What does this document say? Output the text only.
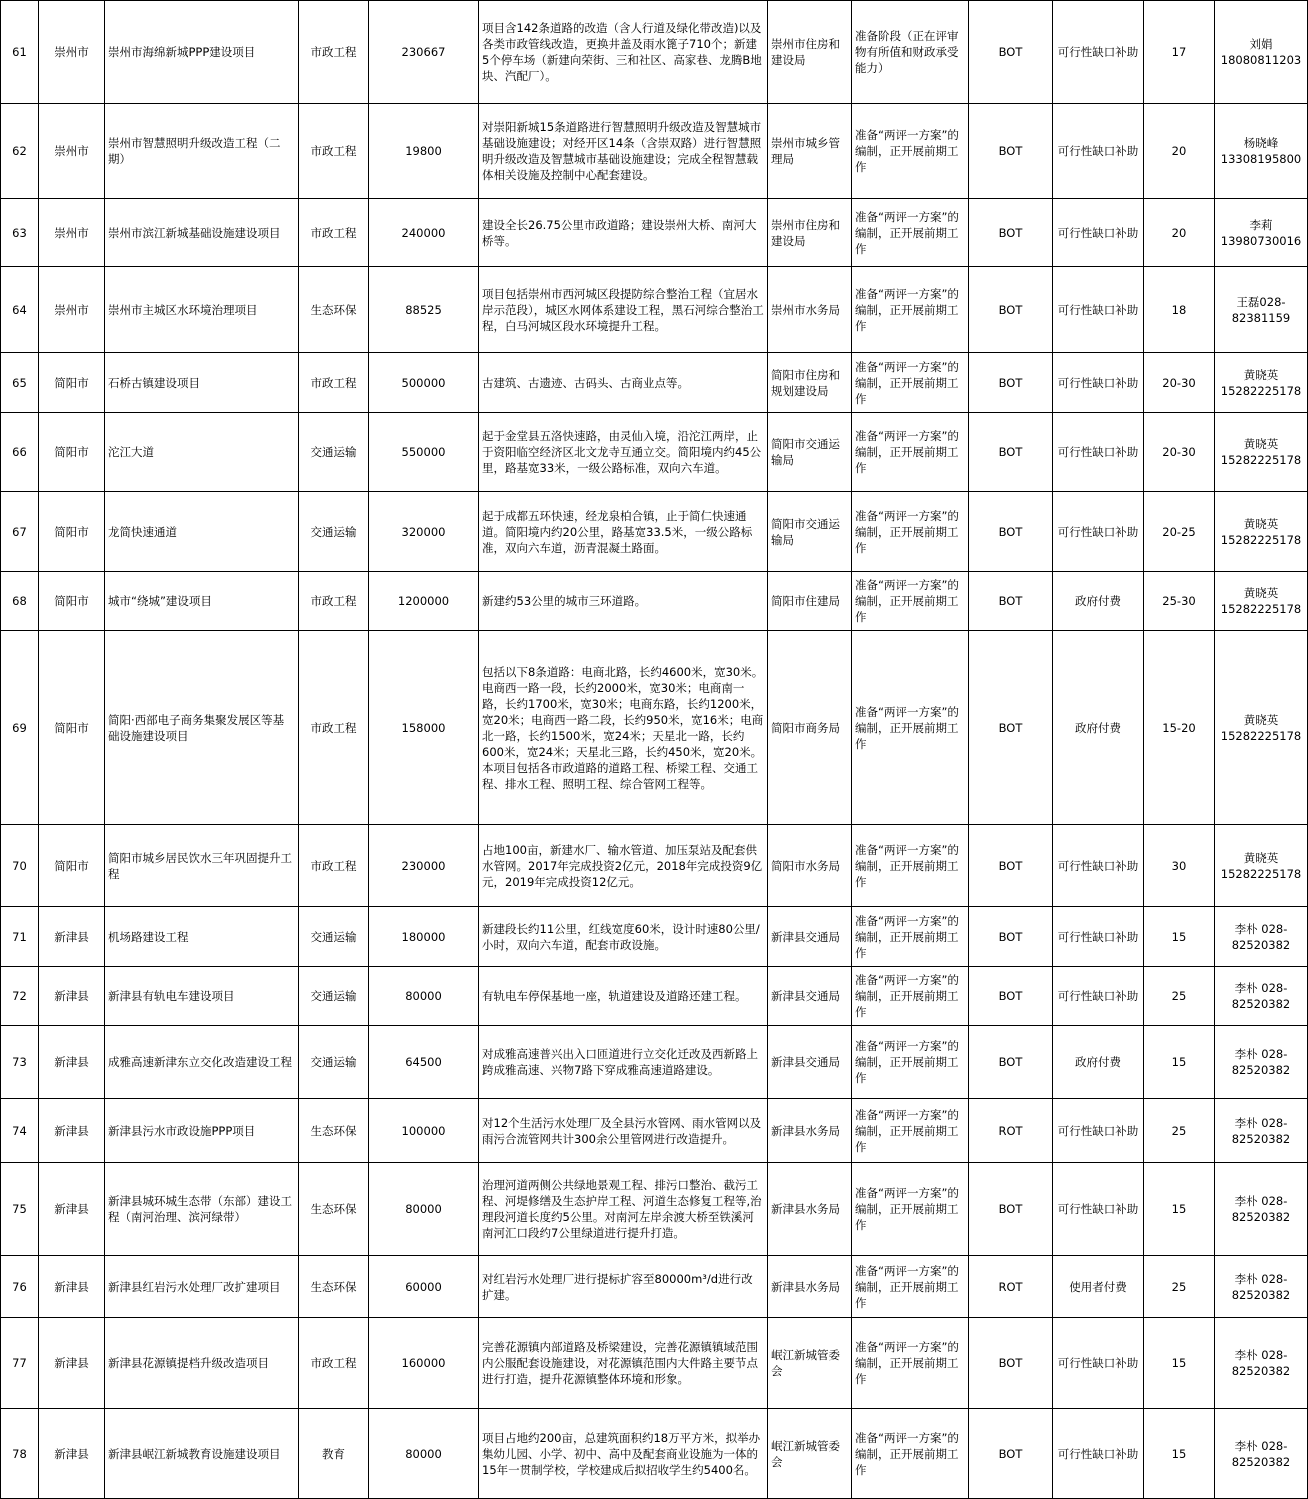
61	崇州市	崇州市海绵新城PPP建设项目	市政工程	230667	项目含142条道路的改造（含人行道及绿化带改造)以及各类市政管线改造，更换井盖及雨水篦子710个；新建5个停车场（新建向荣街、三和社区、高家巷、龙腾B地块、汽配厂）。	崇州市住房和建设局	准备阶段（正在评审物有所值和财政承受能力）	BOT	可行性缺口补助	17	刘娟 18080811203
62	崇州市	崇州市智慧照明升级改造工程（二期）	市政工程	19800	对崇阳新城15条道路进行智慧照明升级改造及智慧城市基础设施建设；对经开区14条（含崇双路）进行智慧照明升级改造及智慧城市基础设施建设；完成全程智慧载体相关设施及控制中心配套建设。	崇州市城乡管理局	准备“两评一方案”的编制，正开展前期工作	BOT	可行性缺口补助	20	杨晓峰 13308195800
63	崇州市	崇州市滨江新城基础设施建设项目	市政工程	240000	建设全长26.75公里市政道路；建设崇州大桥、南河大桥等。	崇州市住房和建设局	准备“两评一方案”的编制，正开展前期工作	BOT	可行性缺口补助	20	李莉 13980730016
64	崇州市	崇州市主城区水环境治理项目	生态环保	88525	项目包括崇州市西河城区段提防综合整治工程（宜居水岸示范段），城区水网体系建设工程，黑石河综合整治工程，白马河城区段水环境提升工程。	崇州市水务局	准备“两评一方案”的编制，正开展前期工作	BOT	可行性缺口补助	18	王磊028-82381159
65	简阳市	石桥古镇建设项目	市政工程	500000	古建筑、古遗迹、古码头、古商业点等。	简阳市住房和规划建设局	准备“两评一方案”的编制，正开展前期工作	BOT	可行性缺口补助	20-30	黄晓英 15282225178
66	简阳市	沱江大道	交通运输	550000	起于金堂县五洛快速路，由灵仙入境，沿沱江两岸，止于资阳临空经济区北文龙寺互通立交。简阳境内约45公里，路基宽33米，一级公路标准，双向六车道。	简阳市交通运输局	准备“两评一方案”的编制，正开展前期工作	BOT	可行性缺口补助	20-30	黄晓英 15282225178
67	简阳市	龙简快速通道	交通运输	320000	起于成都五环快速，经龙泉柏合镇，止于简仁快速通道。简阳境内约20公里，路基宽33.5米，一级公路标准，双向六车道，沥青混凝土路面。	简阳市交通运输局	准备“两评一方案”的编制，正开展前期工作	BOT	可行性缺口补助	20-25	黄晓英 15282225178
68	简阳市	城市“绕城”建设项目	市政工程	1200000	新建约53公里的城市三环道路。	简阳市住建局	准备“两评一方案”的编制，正开展前期工作	BOT	政府付费	25-30	黄晓英 15282225178
69	简阳市	简阳·西部电子商务集聚发展区等基础设施建设项目	市政工程	158000	包括以下8条道路：电商北路，长约4600米，宽30米。电商西一路一段，长约2000米，宽30米；电商南一路，长约1700米，宽30米；电商东路，长约1200米，宽20米；电商西一路二段，长约950米，宽16米；电商北一路，长约1500米，宽24米；天星北一路，长约600米，宽24米；天星北三路，长约450米，宽20米。本项目包括各市政道路的道路工程、桥梁工程、交通工程、排水工程、照明工程、综合管网工程等。	简阳市商务局	准备“两评一方案”的编制，正开展前期工作	BOT	政府付费	15-20	黄晓英 15282225178
70	简阳市	简阳市城乡居民饮水三年巩固提升工程	市政工程	230000	占地100亩，新建水厂、输水管道、加压泵站及配套供水管网。2017年完成投资2亿元，2018年完成投资9亿元，2019年完成投资12亿元。	简阳市水务局	准备“两评一方案”的编制，正开展前期工作	BOT	可行性缺口补助	30	黄晓英 15282225178
71	新津县	机场路建设工程	交通运输	180000	新建段长约11公里，红线宽度60米，设计时速80公里/小时，双向六车道，配套市政设施。	新津县交通局	准备“两评一方案”的编制，正开展前期工作	BOT	可行性缺口补助	15	李朴 028-82520382
72	新津县	新津县有轨电车建设项目	交通运输	80000	有轨电车停保基地一座，轨道建设及道路还建工程。	新津县交通局	准备“两评一方案”的编制，正开展前期工作	BOT	可行性缺口补助	25	李朴 028-82520382
73	新津县	成雅高速新津东立交化改造建设工程	交通运输	64500	对成雅高速普兴出入口匝道进行立交化迁改及西新路上跨成雅高速、兴物7路下穿成雅高速道路建设。	新津县交通局	准备“两评一方案”的编制，正开展前期工作	BOT	政府付费	15	李朴 028-82520382
74	新津县	新津县污水市政设施PPP项目	生态环保	100000	对12个生活污水处理厂及全县污水管网、雨水管网以及雨污合流管网共计300余公里管网进行改造提升。	新津县水务局	准备“两评一方案”的编制，正开展前期工作	ROT	可行性缺口补助	25	李朴 028-82520382
75	新津县	新津县城环城生态带（东部）建设工程（南河治理、滨河绿带）	生态环保	80000	治理河道两侧公共绿地景观工程、排污口整治、截污工程、河堤修缮及生态护岸工程、河道生态修复工程等,治理段河道长度约5公里。对南河左岸余渡大桥至铁溪河南河汇口段约7公里绿道进行提升打造。	新津县水务局	准备“两评一方案”的编制，正开展前期工作	BOT	可行性缺口补助	15	李朴 028-82520382
76	新津县	新津县红岩污水处理厂改扩建项目	生态环保	60000	对红岩污水处理厂进行提标扩容至80000m³/d进行改扩建。	新津县水务局	准备“两评一方案”的编制，正开展前期工作	ROT	使用者付费	25	李朴 028-82520382
77	新津县	新津县花源镇提档升级改造项目	市政工程	160000	完善花源镇内部道路及桥梁建设，完善花源镇镇域范围内公服配套设施建设，对花源镇范围内大件路主要节点进行打造，提升花源镇整体环境和形象。	岷江新城管委会	准备“两评一方案”的编制，正开展前期工作	BOT	可行性缺口补助	15	李朴 028-82520382
78	新津县	新津县岷江新城教育设施建设项目	教育	80000	项目占地约200亩，总建筑面积约18万平方米，拟举办集幼儿园、小学、初中、高中及配套商业设施为一体的15年一贯制学校，学校建成后拟招收学生约5400名。	岷江新城管委会	准备“两评一方案”的编制，正开展前期工作	BOT	可行性缺口补助	15	李朴 028-82520382
